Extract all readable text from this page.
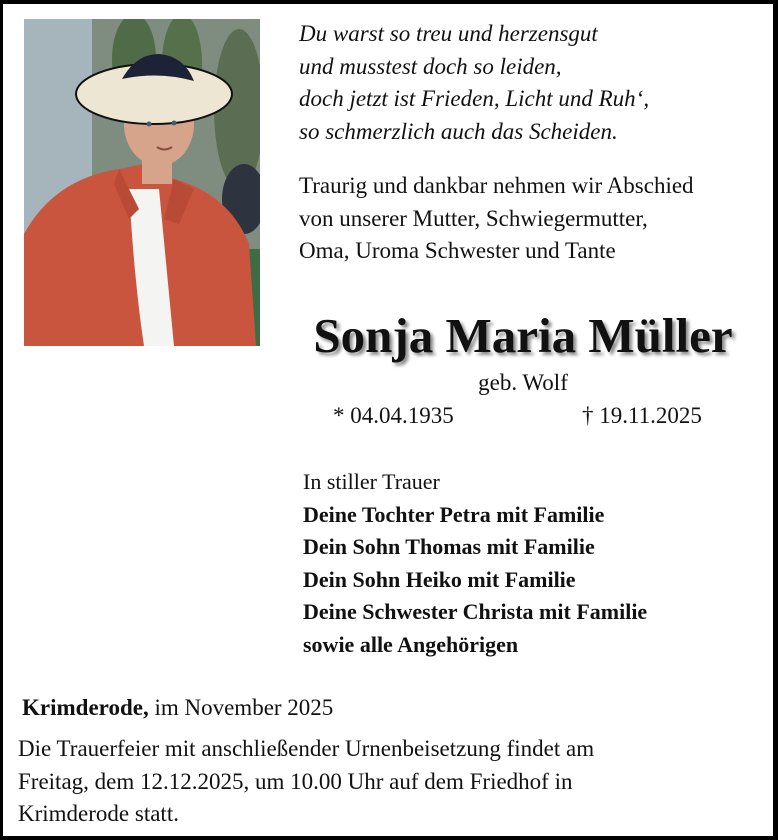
Du warst so treu und herzensgut
und musstest doch so leiden,
doch jetzt ist Frieden, Licht und Ruh‘,
so schmerzlich auch das Scheiden.
Traurig und dankbar nehmen wir Abschied
von unserer Mutter, Schwiegermutter,
Oma, Uroma Schwester und Tante
Sonja Maria Müller
geb. Wolf
* 04.04.1935	† 19.11.2025
In stiller Trauer
Deine Tochter Petra mit Familie
Dein Sohn Thomas mit Familie
Dein Sohn Heiko mit Familie
Deine Schwester Christa mit Familie
sowie alle Angehörigen
Krimderode, im November 2025
Die Trauerfeier mit anschließender Urnenbeisetzung findet am
Freitag, dem 12.12.2025, um 10.00 Uhr auf dem Friedhof in
Krimderode statt.
